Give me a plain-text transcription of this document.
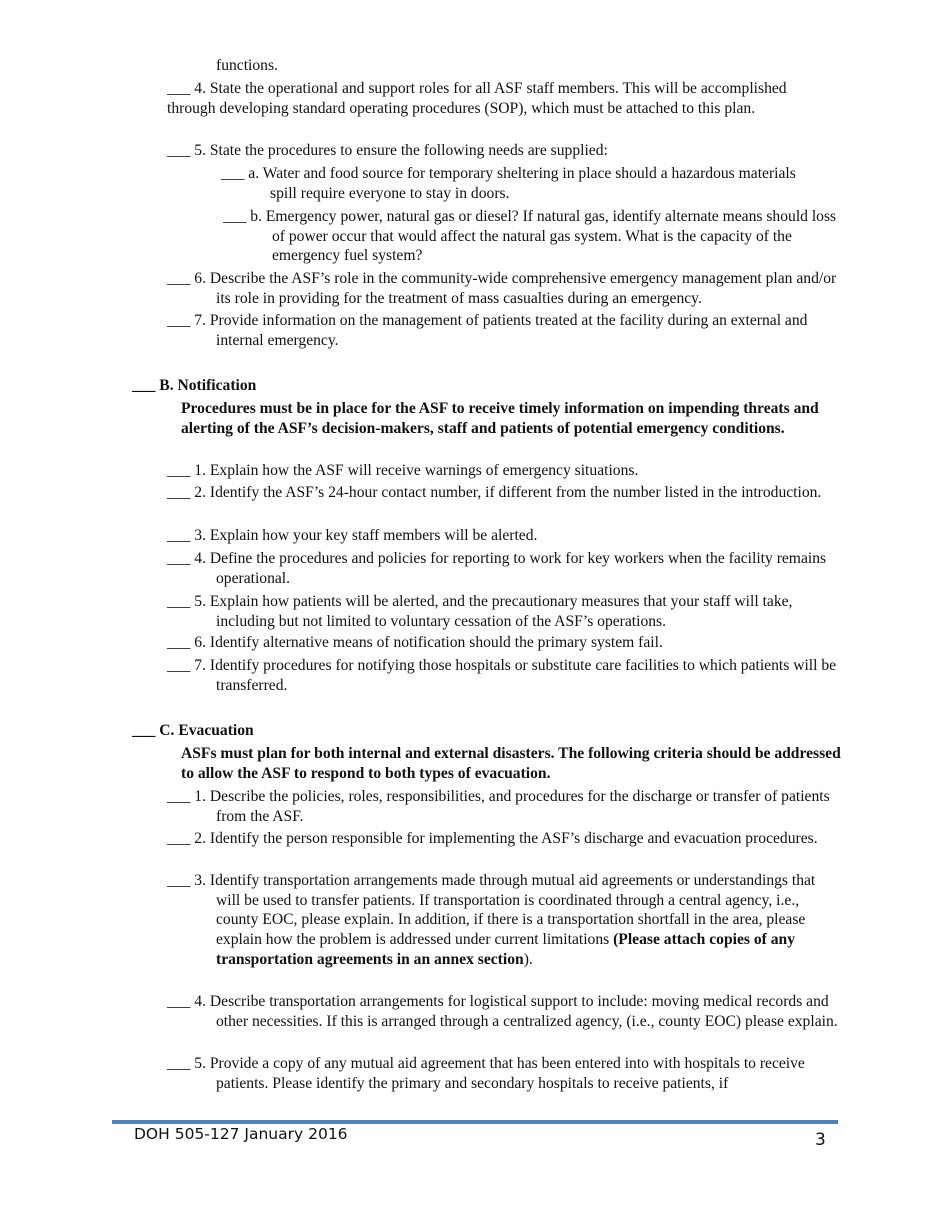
functions.

___ 4. State the operational and support roles for all ASF staff members. This will be accomplished through developing standard operating procedures (SOP), which must be attached to this plan.

___ 5. State the procedures to ensure the following needs are supplied:

___ a. Water and food source for temporary sheltering in place should a hazardous materials spill require everyone to stay in doors.

___ b. Emergency power, natural gas or diesel? If natural gas, identify alternate means should loss of power occur that would affect the natural gas system. What is the capacity of the emergency fuel system?

___ 6. Describe the ASF’s role in the community-wide comprehensive emergency management plan and/or its role in providing for the treatment of mass casualties during an emergency.

___ 7. Provide information on the management of patients treated at the facility during an external and internal emergency.

___ B. Notification

Procedures must be in place for the ASF to receive timely information on impending threats and alerting of the ASF’s decision-makers, staff and patients of potential emergency conditions.

___ 1. Explain how the ASF will receive warnings of emergency situations.

___ 2. Identify the ASF’s 24-hour contact number, if different from the number listed in the introduction.

___ 3. Explain how your key staff members will be alerted.

___ 4. Define the procedures and policies for reporting to work for key workers when the facility remains operational.

___ 5. Explain how patients will be alerted, and the precautionary measures that your staff will take, including but not limited to voluntary cessation of the ASF’s operations.

___ 6. Identify alternative means of notification should the primary system fail.

___ 7. Identify procedures for notifying those hospitals or substitute care facilities to which patients will be transferred.

___ C. Evacuation

ASFs must plan for both internal and external disasters. The following criteria should be addressed to allow the ASF to respond to both types of evacuation.

___ 1. Describe the policies, roles, responsibilities, and procedures for the discharge or transfer of patients from the ASF.

___ 2. Identify the person responsible for implementing the ASF’s discharge and evacuation procedures.

___ 3. Identify transportation arrangements made through mutual aid agreements or understandings that will be used to transfer patients. If transportation is coordinated through a central agency, i.e., county EOC, please explain. In addition, if there is a transportation shortfall in the area, please explain how the problem is addressed under current limitations (Please attach copies of any transportation agreements in an annex section).

___ 4. Describe transportation arrangements for logistical support to include: moving medical records and other necessities. If this is arranged through a centralized agency, (i.e., county EOC) please explain.

___ 5. Provide a copy of any mutual aid agreement that has been entered into with hospitals to receive patients. Please identify the primary and secondary hospitals to receive patients, if

DOH 505-127 January 2016	3
